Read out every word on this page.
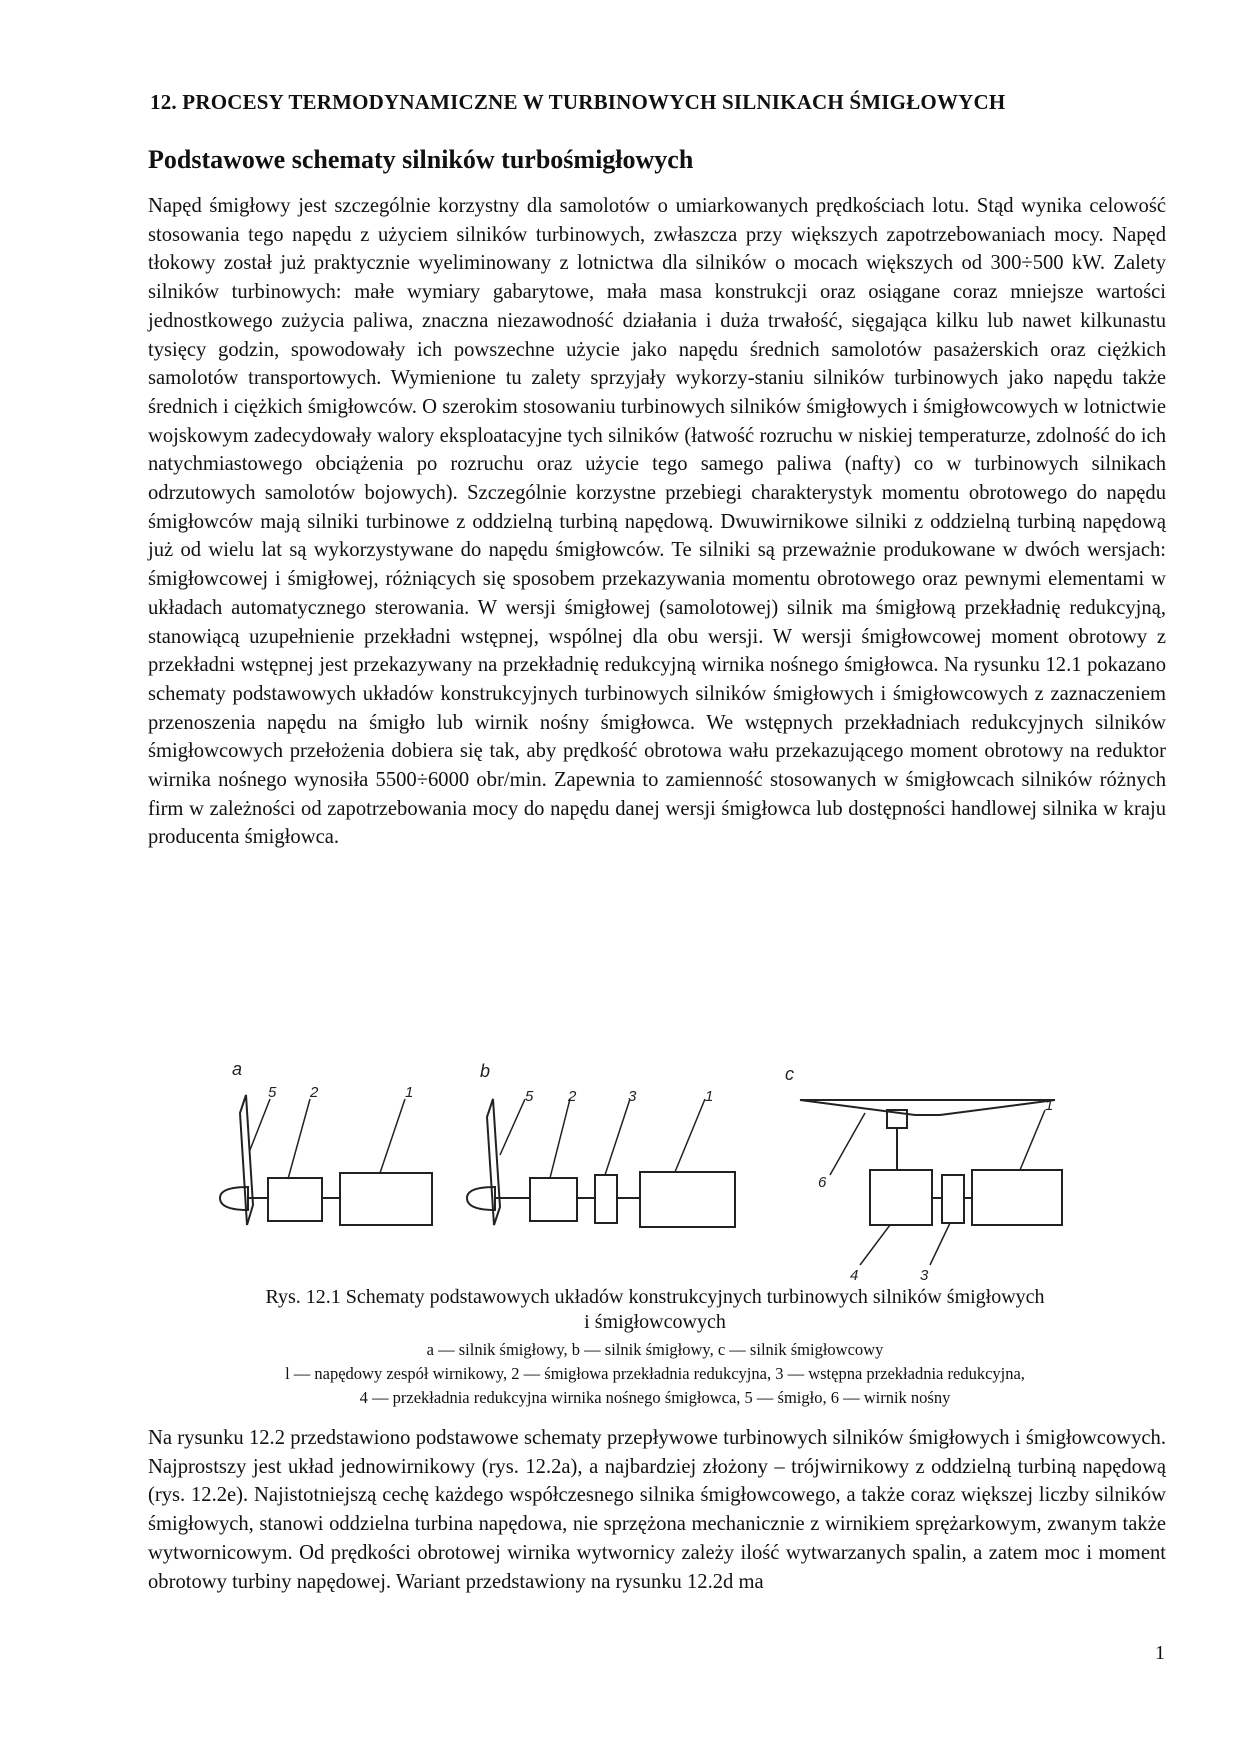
12. PROCESY TERMODYNAMICZNE W TURBINOWYCH SILNIKACH ŚMIGŁOWYCH
Podstawowe schematy silników turbośmigłowych

Napęd śmigłowy jest szczególnie korzystny dla samolotów o umiarkowanych prędkościach lotu. Stąd wynika celowość stosowania tego napędu z użyciem silników turbinowych, zwłaszcza przy większych zapotrzebowaniach mocy. Napęd tłokowy został już praktycznie wyeliminowany z lotnictwa dla silników o mocach większych od 300÷500 kW. Zalety silników turbinowych: małe wymiary gabarytowe, mała masa konstrukcji oraz osiągane coraz mniejsze wartości jednostkowego zużycia paliwa, znaczna niezawodność działania i duża trwałość, sięgająca kilku lub nawet kilkunastu tysięcy godzin, spowodowały ich powszechne użycie jako napędu średnich samolotów pasażerskich oraz ciężkich samolotów transportowych. Wymienione tu zalety sprzyjały wykorzy-staniu silników turbinowych jako napędu także średnich i ciężkich śmigłowców. O szerokim stosowaniu turbinowych silników śmigłowych i śmigłowcowych w lotnictwie wojskowym zadecydowały walory eksploatacyjne tych silników (łatwość rozruchu w niskiej temperaturze, zdolność do ich natychmiastowego obciążenia po rozruchu oraz użycie tego samego paliwa (nafty) co w turbinowych silnikach odrzutowych samolotów bojowych). Szczególnie korzystne przebiegi charakterystyk momentu obrotowego do napędu śmigłowców mają silniki turbinowe z oddzielną turbiną napędową. Dwuwirnikowe silniki z oddzielną turbiną napędową już od wielu lat są wykorzystywane do napędu śmigłowców. Te silniki są przeważnie produkowane w dwóch wersjach: śmigłowcowej i śmigłowej, różniących się sposobem przekazywania momentu obrotowego oraz pewnymi elementami w układach automatycznego sterowania. W wersji śmigłowej (samolotowej) silnik ma śmigłową przekładnię redukcyjną, stanowiącą uzupełnienie przekładni wstępnej, wspólnej dla obu wersji. W wersji śmigłowcowej moment obrotowy z przekładni wstępnej jest przekazywany na przekładnię redukcyjną wirnika nośnego śmigłowca. Na rysunku 12.1 pokazano schematy podstawowych układów konstrukcyjnych turbinowych silników śmigłowych i śmigłowcowych z zaznaczeniem przenoszenia napędu na śmigło lub wirnik nośny śmigłowca. We wstępnych przekładniach redukcyjnych silników śmigłowcowych przełożenia dobiera się tak, aby prędkość obrotowa wału przekazującego moment obrotowy na reduktor wirnika nośnego wynosiła 5500÷6000 obr/min. Zapewnia to zamienność stosowanych w śmigłowcach silników różnych firm w zależności od zapotrzebowania mocy do napędu danej wersji śmigłowca lub dostępności handlowej silnika w kraju producenta śmigłowca.

a	b	c
5 2	1	5 2	3	1
6
4	3
1
Rys. 12.1 Schematy podstawowych układów konstrukcyjnych turbinowych silników śmigłowych
i śmigłowcowych
a — silnik śmigłowy, b — silnik śmigłowy, c — silnik śmigłowcowy
l — napędowy zespół wirnikowy, 2 — śmigłowa przekładnia redukcyjna, 3 — wstępna przekładnia redukcyjna,
4 — przekładnia redukcyjna wirnika nośnego śmigłowca, 5 — śmigło, 6 — wirnik nośny

Na rysunku 12.2 przedstawiono podstawowe schematy przepływowe turbinowych silników śmigłowych i śmigłowcowych. Najprostszy jest układ jednowirnikowy (rys. 12.2a), a najbardziej złożony – trójwirnikowy z oddzielną turbiną napędową (rys. 12.2e). Najistotniejszą cechę każdego współczesnego silnika śmigłowcowego, a także coraz większej liczby silników śmigłowych, stanowi oddzielna turbina napędowa, nie sprzężona mechanicznie z wirnikiem sprężarkowym, zwanym także wytwornicowym. Od prędkości obrotowej wirnika wytwornicy zależy ilość wytwarzanych spalin, a zatem moc i moment obrotowy turbiny napędowej. Wariant przedstawiony na rysunku 12.2d ma

1
